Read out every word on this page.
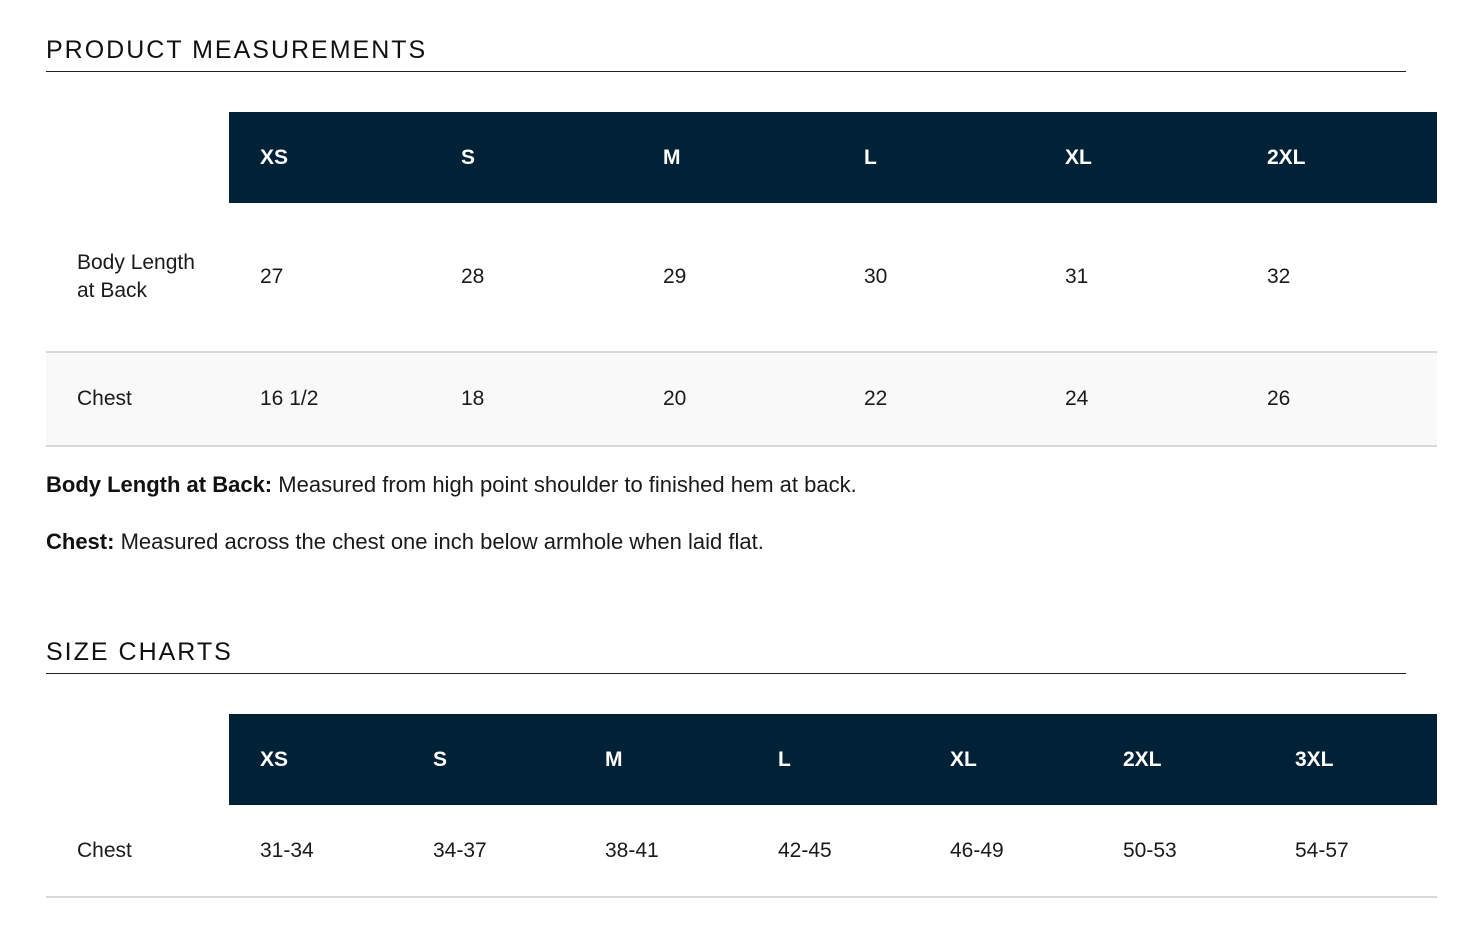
PRODUCT MEASUREMENTS
	XS	S	M	L	XL	2XL
Body Length at Back	27	28	29	30	31	32
Chest	16 1/2	18	20	22	24	26

Body Length at Back: Measured from high point shoulder to finished hem at back.

Chest: Measured across the chest one inch below armhole when laid flat.

SIZE CHARTS
	XS	S	M	L	XL	2XL	3XL
Chest	31-34	34-37	38-41	42-45	46-49	50-53	54-57
